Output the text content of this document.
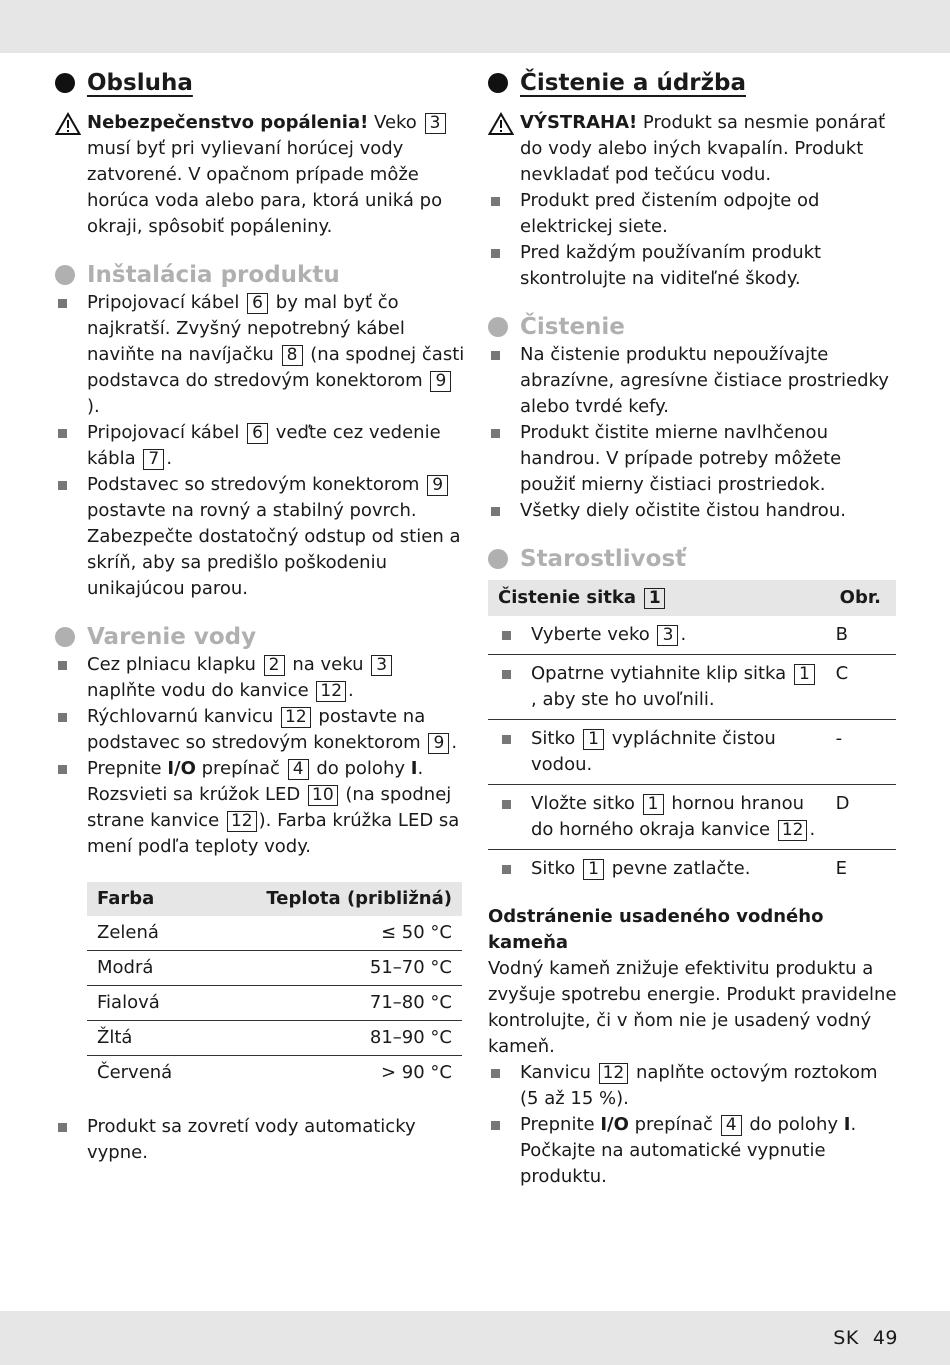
Obsluha

Nebezpečenstvo popálenia! Veko 3 musí byť pri vylievaní horúcej vody zatvorené. V opačnom prípade môže horúca voda alebo para, ktorá uniká po okraji, spôsobiť popáleniny.

Inštalácia produktu
Pripojovací kábel 6 by mal byť čo najkratší. Zvyšný nepotrebný kábel naviňte na navíjačku 8 (na spodnej časti podstavca do stredovým konektorom 9).
Pripojovací kábel 6 veďte cez vedenie kábla 7 .
Podstavec so stredovým konektorom 9 postavte na rovný a stabilný povrch. Zabezpečte dostatočný odstup od stien a skríň, aby sa predišlo poškodeniu unikajúcou parou.
Varenie vody
Cez plniacu klapku 2 na veku 3 naplňte vodu do kanvice 12 .
Rýchlovarnú kanvicu 12 postavte na podstavec so stredovým konektorom 9 .
Prepnite I/O prepínač 4 do polohy I. Rozsvieti sa krúžok LED 10 (na spodnej strane kanvice 12 ). Farba krúžka LED sa mení podľa teploty vody.
Farba	Teplota (približná)
Zelená	≤ 50 °C
Modrá	51–70 °C
Fialová	71–80 °C
Žltá	81–90 °C
Červená	> 90 °C
Produkt sa zovretí vody automaticky vypne.
Čistenie a údržba

VÝSTRAHA! Produkt sa nesmie ponárať do vody alebo iných kvapalín. Produkt nevkladať pod tečúcu vodu.

Produkt pred čistením odpojte od elektrickej siete.
Pred každým používaním produkt skontrolujte na viditeľné škody.
Čistenie
Na čistenie produktu nepoužívajte abrazívne, agresívne čistiace prostriedky alebo tvrdé kefy.
Produkt čistite mierne navlhčenou handrou. V prípade potreby môžete použiť mierny čistiaci prostriedok.
Všetky diely očistite čistou handrou.
Starostlivosť
Čistenie sitka 1	Obr.
Vyberte veko 3 .	B
Opatrne vytiahnite klip sitka 1, aby ste ho uvoľnili.	C
Sitko 1 vypláchnite čistou vodou.	-
Vložte sitko 1 hornou hranou do horného okraja kanvice 12 .	D
Sitko 1 pevne zatlačte.	E

Odstránenie usadeného vodného kameňa

Vodný kameň znižuje efektivitu produktu a zvyšuje spotrebu energie. Produkt pravidelne kontrolujte, či v ňom nie je usadený vodný kameň.

Kanvicu 12 naplňte octovým roztokom (5 až 15 %).
Prepnite I/O prepínač 4 do polohy I. Počkajte na automatické vypnutie produktu.
SK 49
